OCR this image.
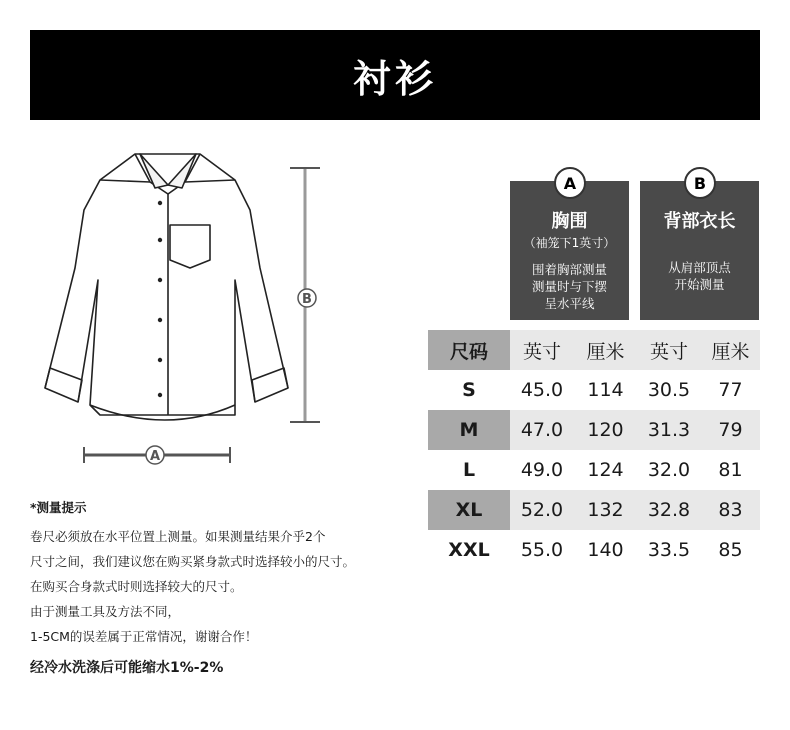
衬衫
B
A
A
胸围
（袖笼下1英寸）
围着胸部测量
测量时与下摆
呈水平线
B
背部衣长
从肩部顶点
开始测量
尺码	英寸	厘米	英寸	厘米
S	45.0	114	30.5	77
M	47.0	120	31.3	79
L	49.0	124	32.0	81
XL	52.0	132	32.8	83
XXL	55.0	140	33.5	85
*测量提示
卷尺必须放在水平位置上测量。如果测量结果介乎2个
尺寸之间，我们建议您在购买紧身款式时选择较小的尺寸。
在购买合身款式时则选择较大的尺寸。
由于测量工具及方法不同，
1-5CM的误差属于正常情况，谢谢合作！
经冷水洗涤后可能缩水1%-2%
